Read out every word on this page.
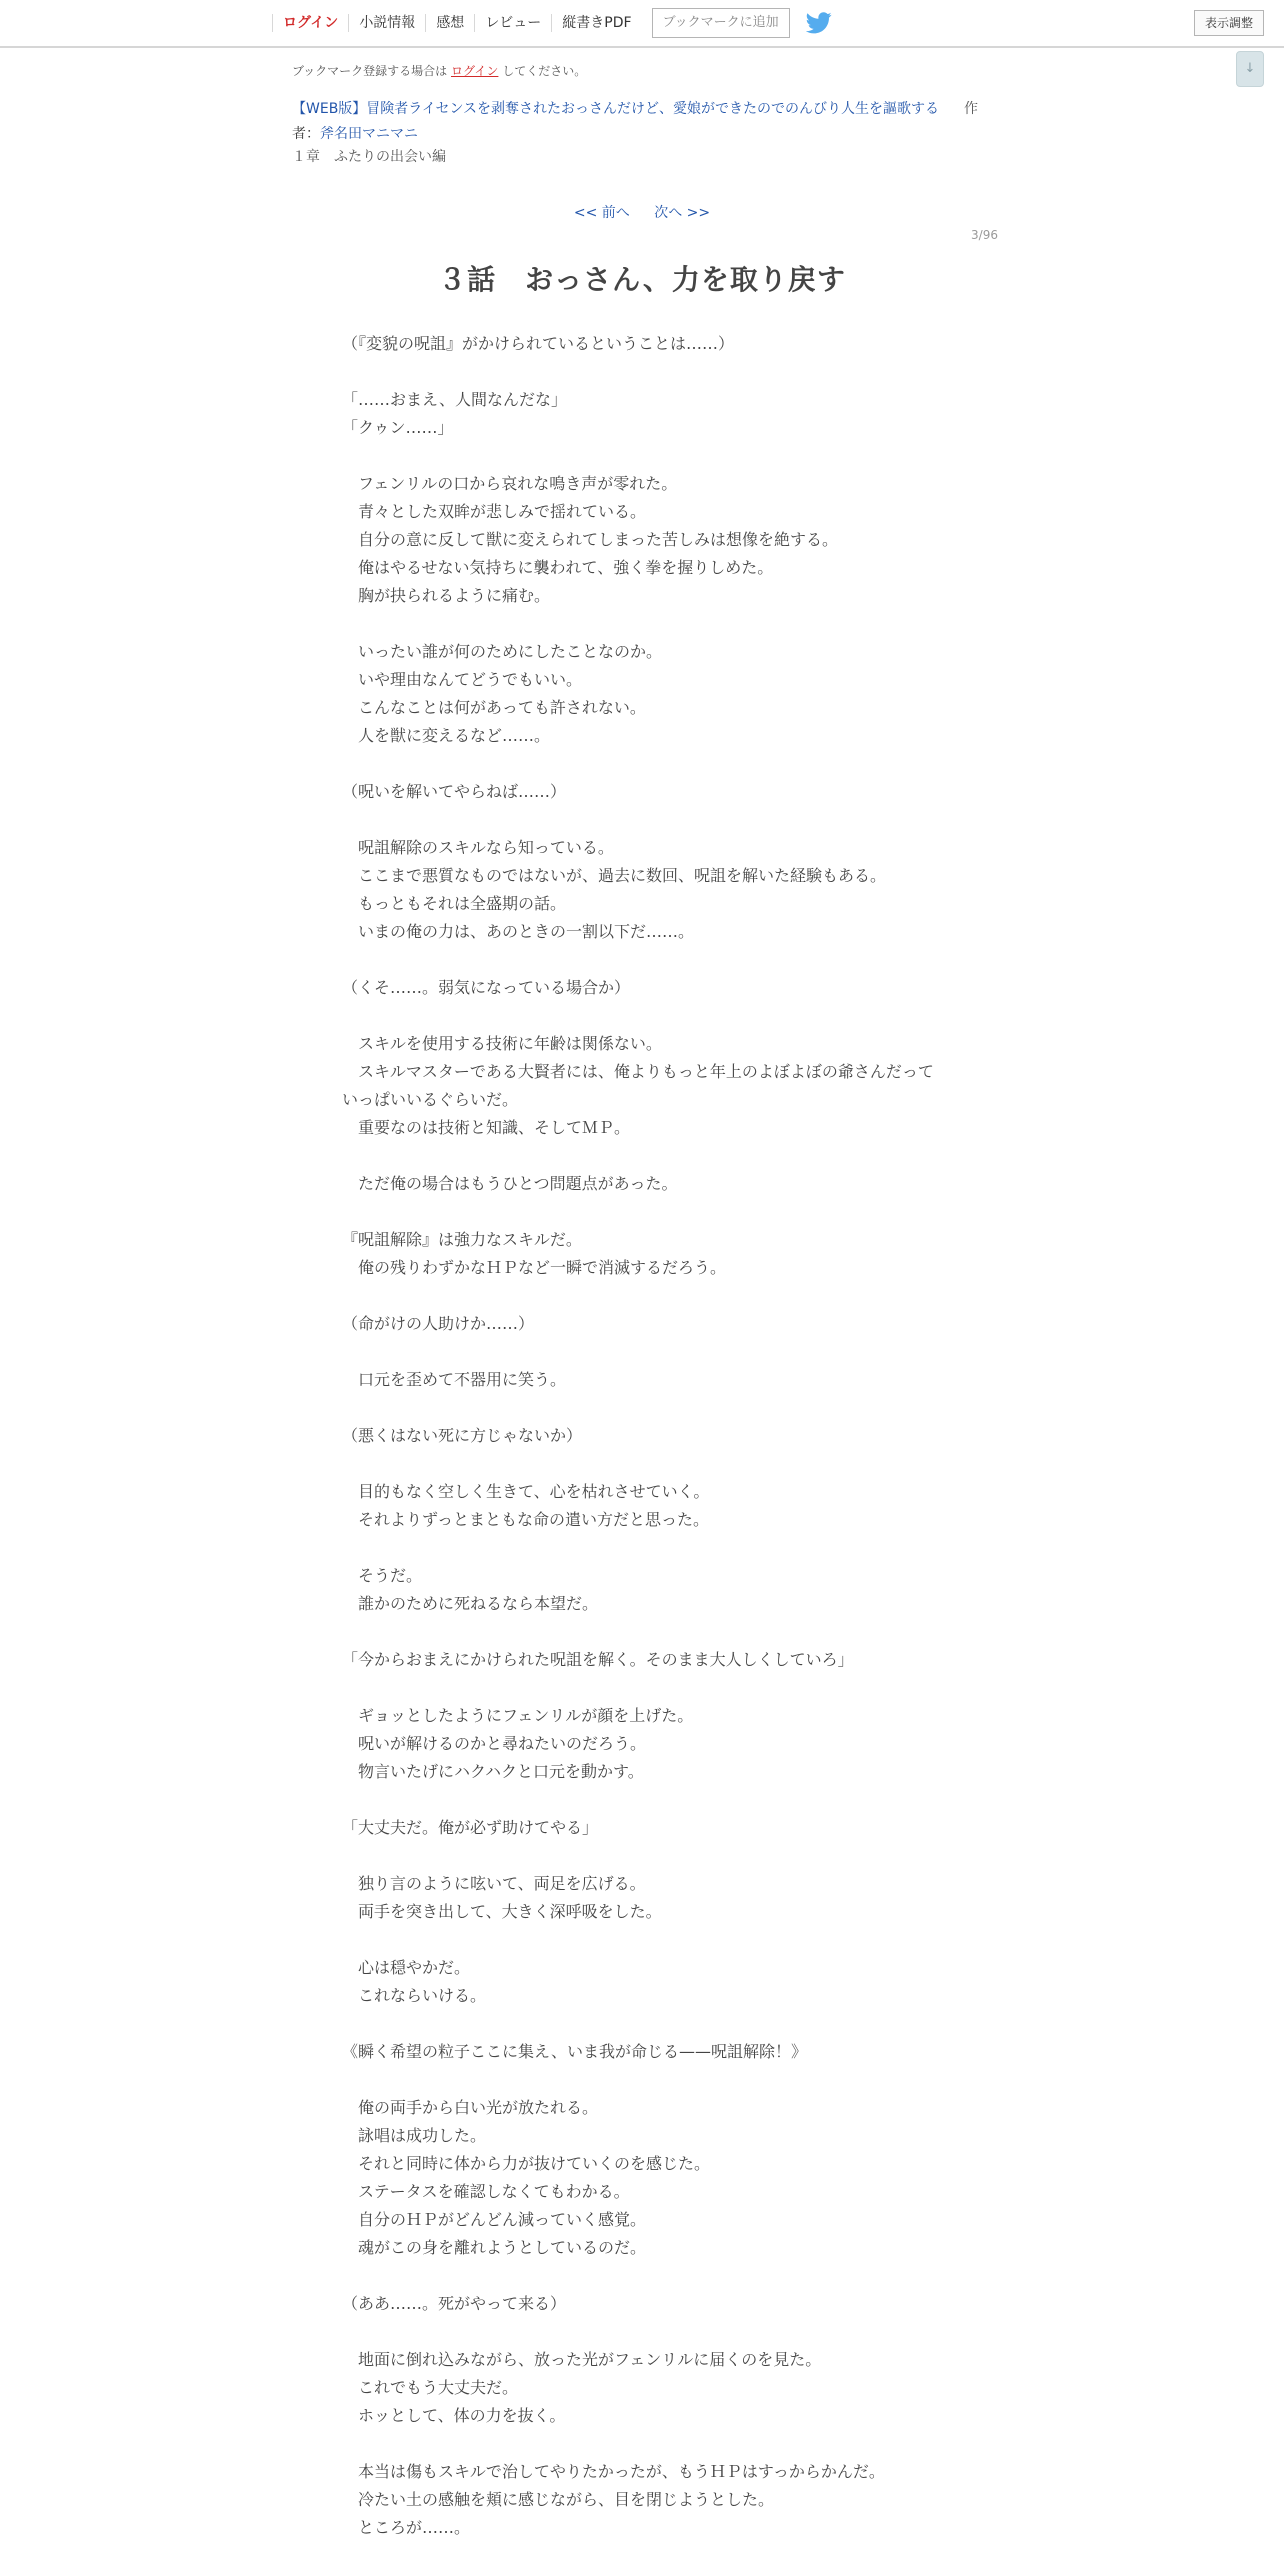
ログイン	小説情報	感想	レビュー	縦書きPDF	ブックマークに追加	表示調整
↓
ブックマーク登録する場合は ログイン してください。
作
【WEB版】冒険者ライセンスを剥奪されたおっさんだけど、愛娘ができたのでのんびり人生を謳歌する
者：斧名田マニマニ
１章　ふたりの出会い編
<< 前へ 次へ >>
3/96
３話　おっさん、力を取り戻す
（『変貌の呪詛』がかけられているということは……）
「……おまえ、人間なんだな」
「クゥン……」
　フェンリルの口から哀れな鳴き声が零れた。
　青々とした双眸が悲しみで揺れている。
　自分の意に反して獣に変えられてしまった苦しみは想像を絶する。
　俺はやるせない気持ちに襲われて、強く拳を握りしめた。
　胸が抉られるように痛む。
　いったい誰が何のためにしたことなのか。
　いや理由なんてどうでもいい。
　こんなことは何があっても許されない。
　人を獣に変えるなど……。
（呪いを解いてやらねば……）
　呪詛解除のスキルなら知っている。
　ここまで悪質なものではないが、過去に数回、呪詛を解いた経験もある。
　もっともそれは全盛期の話。
　いまの俺の力は、あのときの一割以下だ……。
（くそ……。弱気になっている場合か）
　スキルを使用する技術に年齢は関係ない。
　スキルマスターである大賢者には、俺よりもっと年上のよぼよぼの爺さんだって
いっぱいいるぐらいだ。
　重要なのは技術と知識、そしてＭＰ。
　ただ俺の場合はもうひとつ問題点があった。
『呪詛解除』は強力なスキルだ。
　俺の残りわずかなＨＰなど一瞬で消滅するだろう。
（命がけの人助けか……）
　口元を歪めて不器用に笑う。
（悪くはない死に方じゃないか）
　目的もなく空しく生きて、心を枯れさせていく。
　それよりずっとまともな命の遣い方だと思った。
　そうだ。
　誰かのために死ねるなら本望だ。
「今からおまえにかけられた呪詛を解く。そのまま大人しくしていろ」
　ギョッとしたようにフェンリルが顔を上げた。
　呪いが解けるのかと尋ねたいのだろう。
　物言いたげにハクハクと口元を動かす。
「大丈夫だ。俺が必ず助けてやる」
　独り言のように呟いて、両足を広げる。
　両手を突き出して、大きく深呼吸をした。
　心は穏やかだ。
　これならいける。
《瞬く希望の粒子ここに集え、いま我が命じる——呪詛解除！》
　俺の両手から白い光が放たれる。
　詠唱は成功した。
　それと同時に体から力が抜けていくのを感じた。
　ステータスを確認しなくてもわかる。
　自分のＨＰがどんどん減っていく感覚。
　魂がこの身を離れようとしているのだ。
（ああ……。死がやって来る）
　地面に倒れ込みながら、放った光がフェンリルに届くのを見た。
　これでもう大丈夫だ。
　ホッとして、体の力を抜く。
　本当は傷もスキルで治してやりたかったが、もうＨＰはすっからかんだ。
　冷たい土の感触を頬に感じながら、目を閉じようとした。
　ところが……。
